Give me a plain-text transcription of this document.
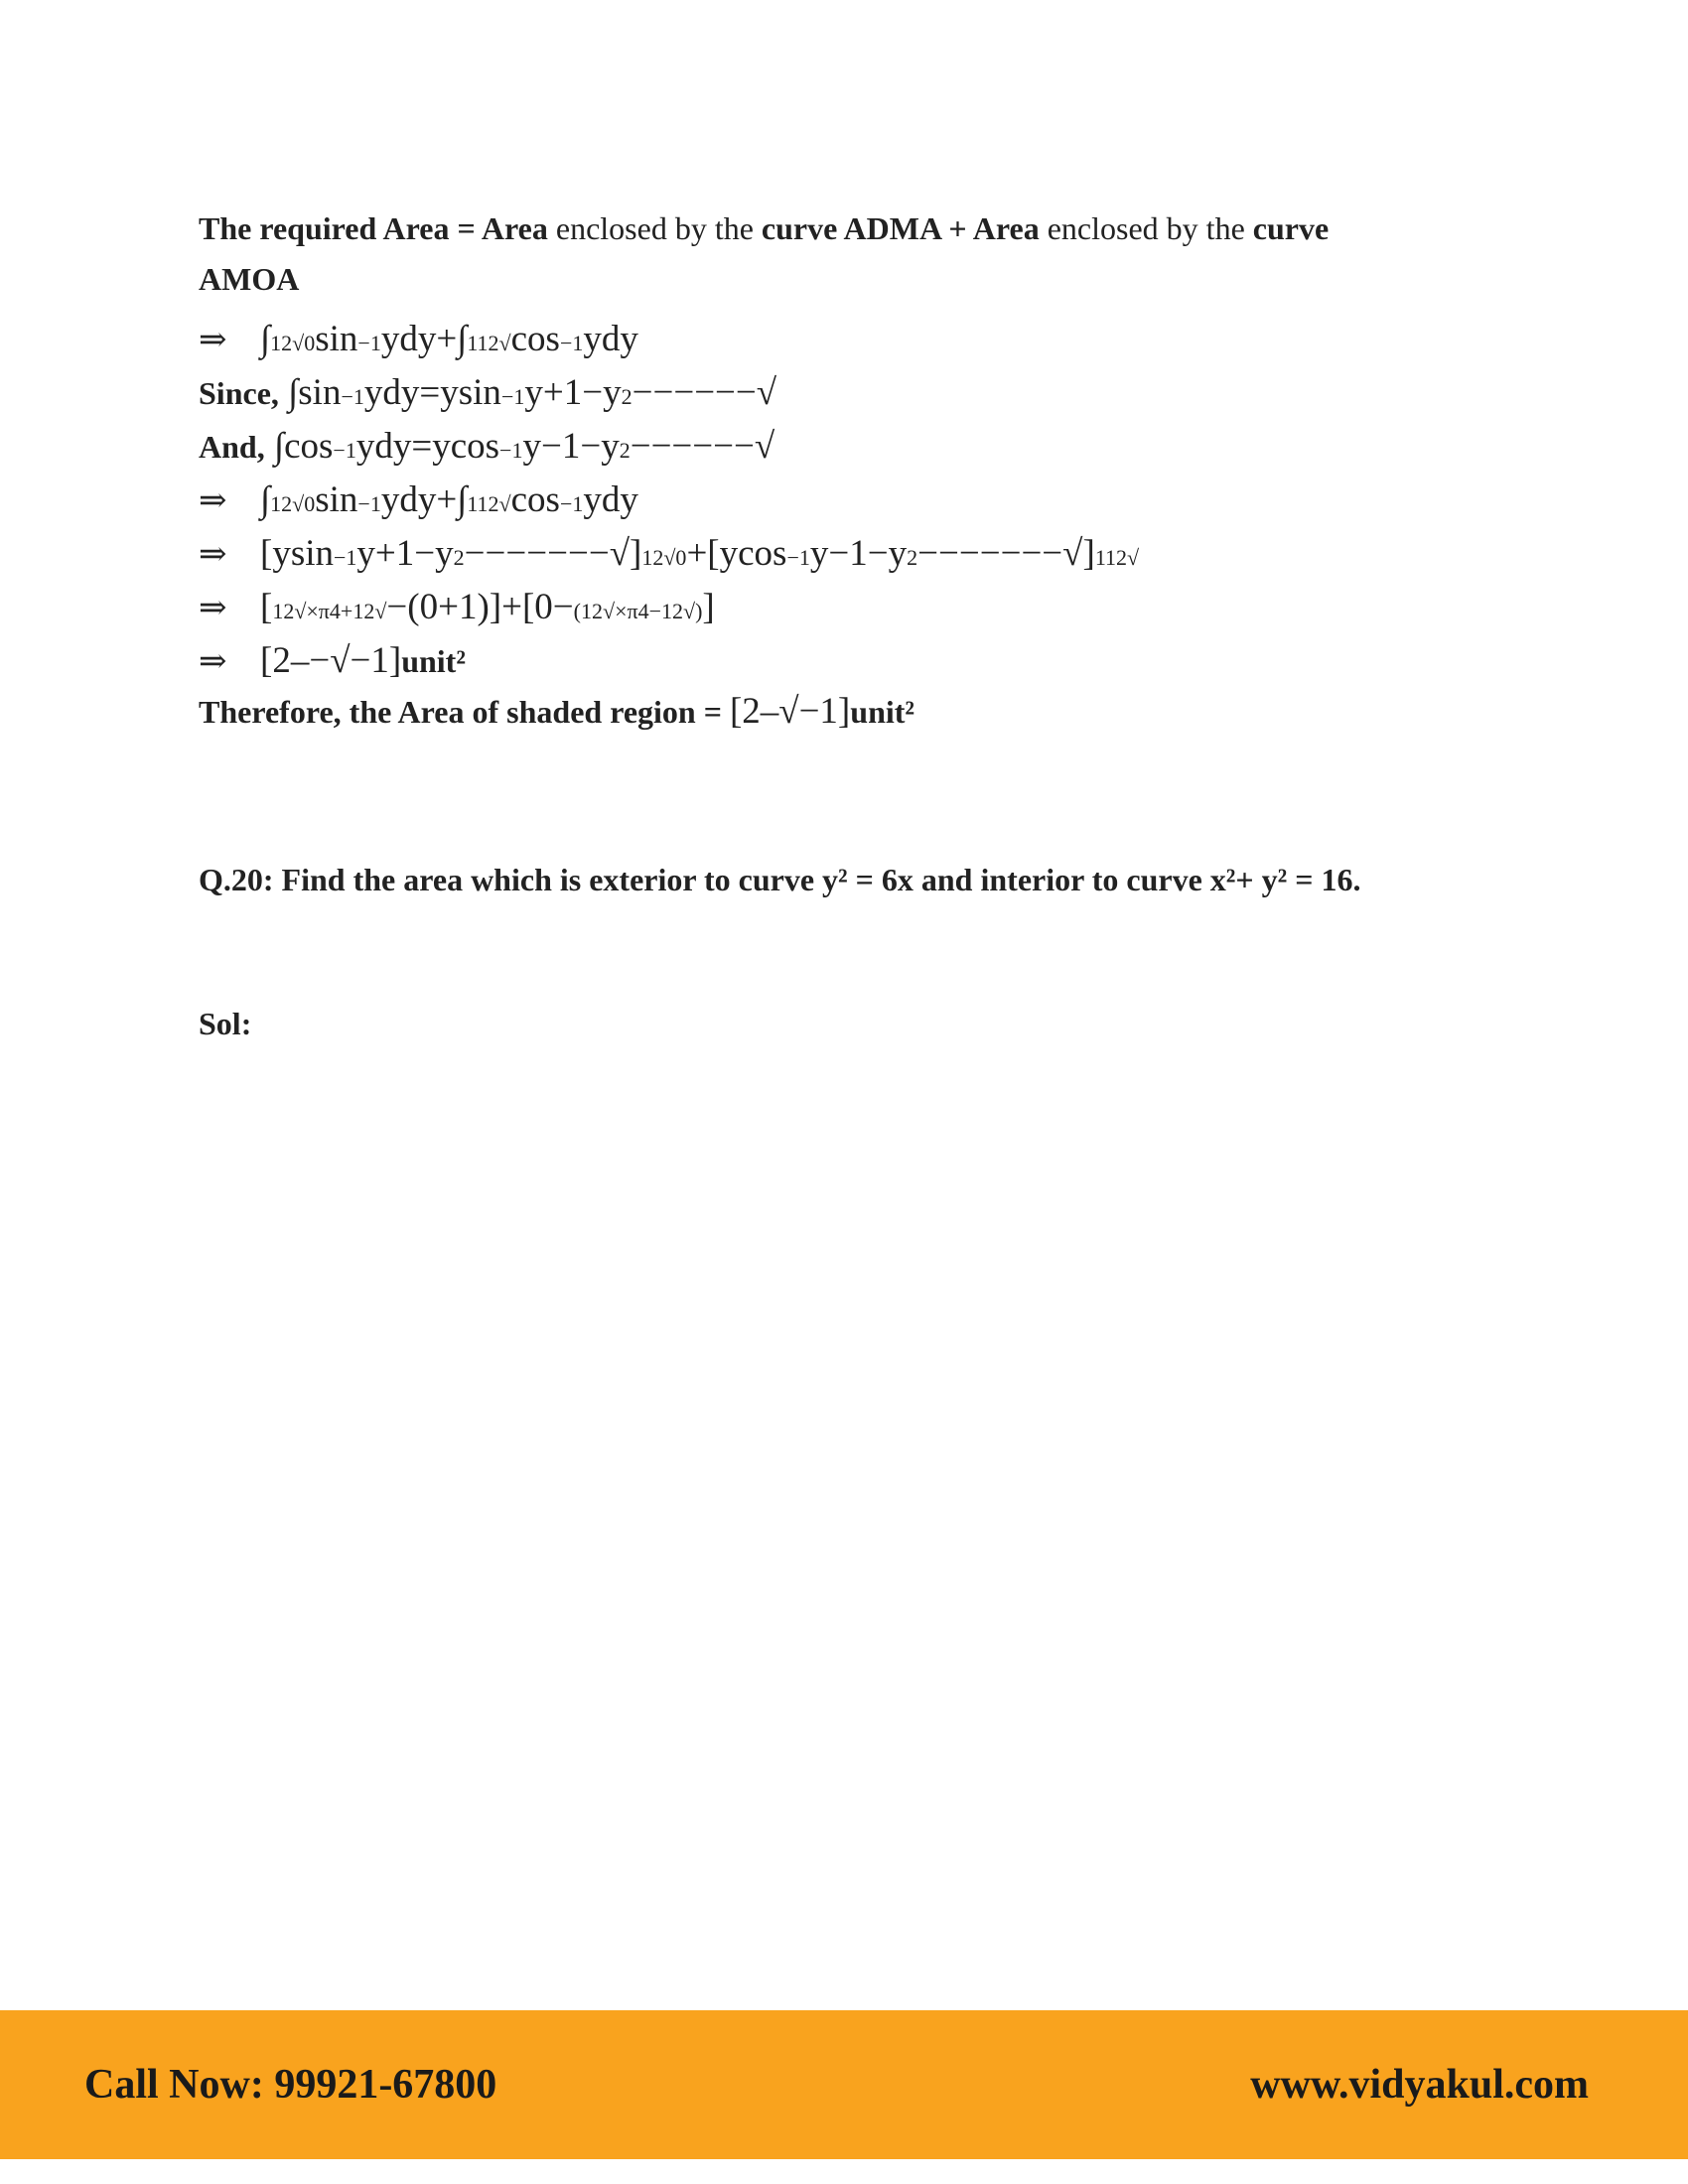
The required Area = Area enclosed by the curve ADMA + Area enclosed by the curve
AMOA

⇒ ∫12√0sin−1ydy+∫112√cos−1ydy

Since, ∫sin−1ydy=ysin−1y+1−y2−−−−−−√

And, ∫cos−1ydy=ycos−1y−1−y2−−−−−−√

⇒ ∫12√0sin−1ydy+∫112√cos−1ydy

⇒ [ysin−1y+1−y2−−−−−−−√]12√0+[ycos−1y−1−y2−−−−−−−√]112√

⇒ [12√×π4+12√−(0+1)]+[0−(12√×π4−12√)]

⇒ [2–−√−1]unit²

Therefore, the Area of shaded region = [2–√−1]unit²

Q.20: Find the area which is exterior to curve y² = 6x and interior to curve x²+ y² = 16.

Sol:

Call Now: 99921-67800	www.vidyakul.com
